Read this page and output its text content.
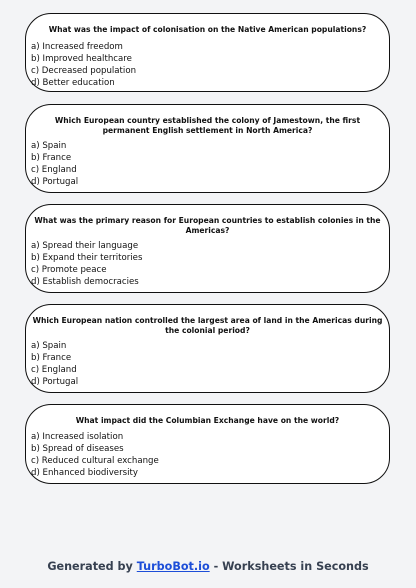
What was the impact of colonisation on the Native American populations?

a) Increased freedom
b) Improved healthcare
c) Decreased population
d) Better education

Which European country established the colony of Jamestown, the first permanent English settlement in North America?

a) Spain
b) France
c) England
d) Portugal

What was the primary reason for European countries to establish colonies in the Americas?

a) Spread their language
b) Expand their territories
c) Promote peace
d) Establish democracies

Which European nation controlled the largest area of land in the Americas during the colonial period?

a) Spain
b) France
c) England
d) Portugal

What impact did the Columbian Exchange have on the world?

a) Increased isolation
b) Spread of diseases
c) Reduced cultural exchange
d) Enhanced biodiversity
Generated by TurboBot.io - Worksheets in Seconds
